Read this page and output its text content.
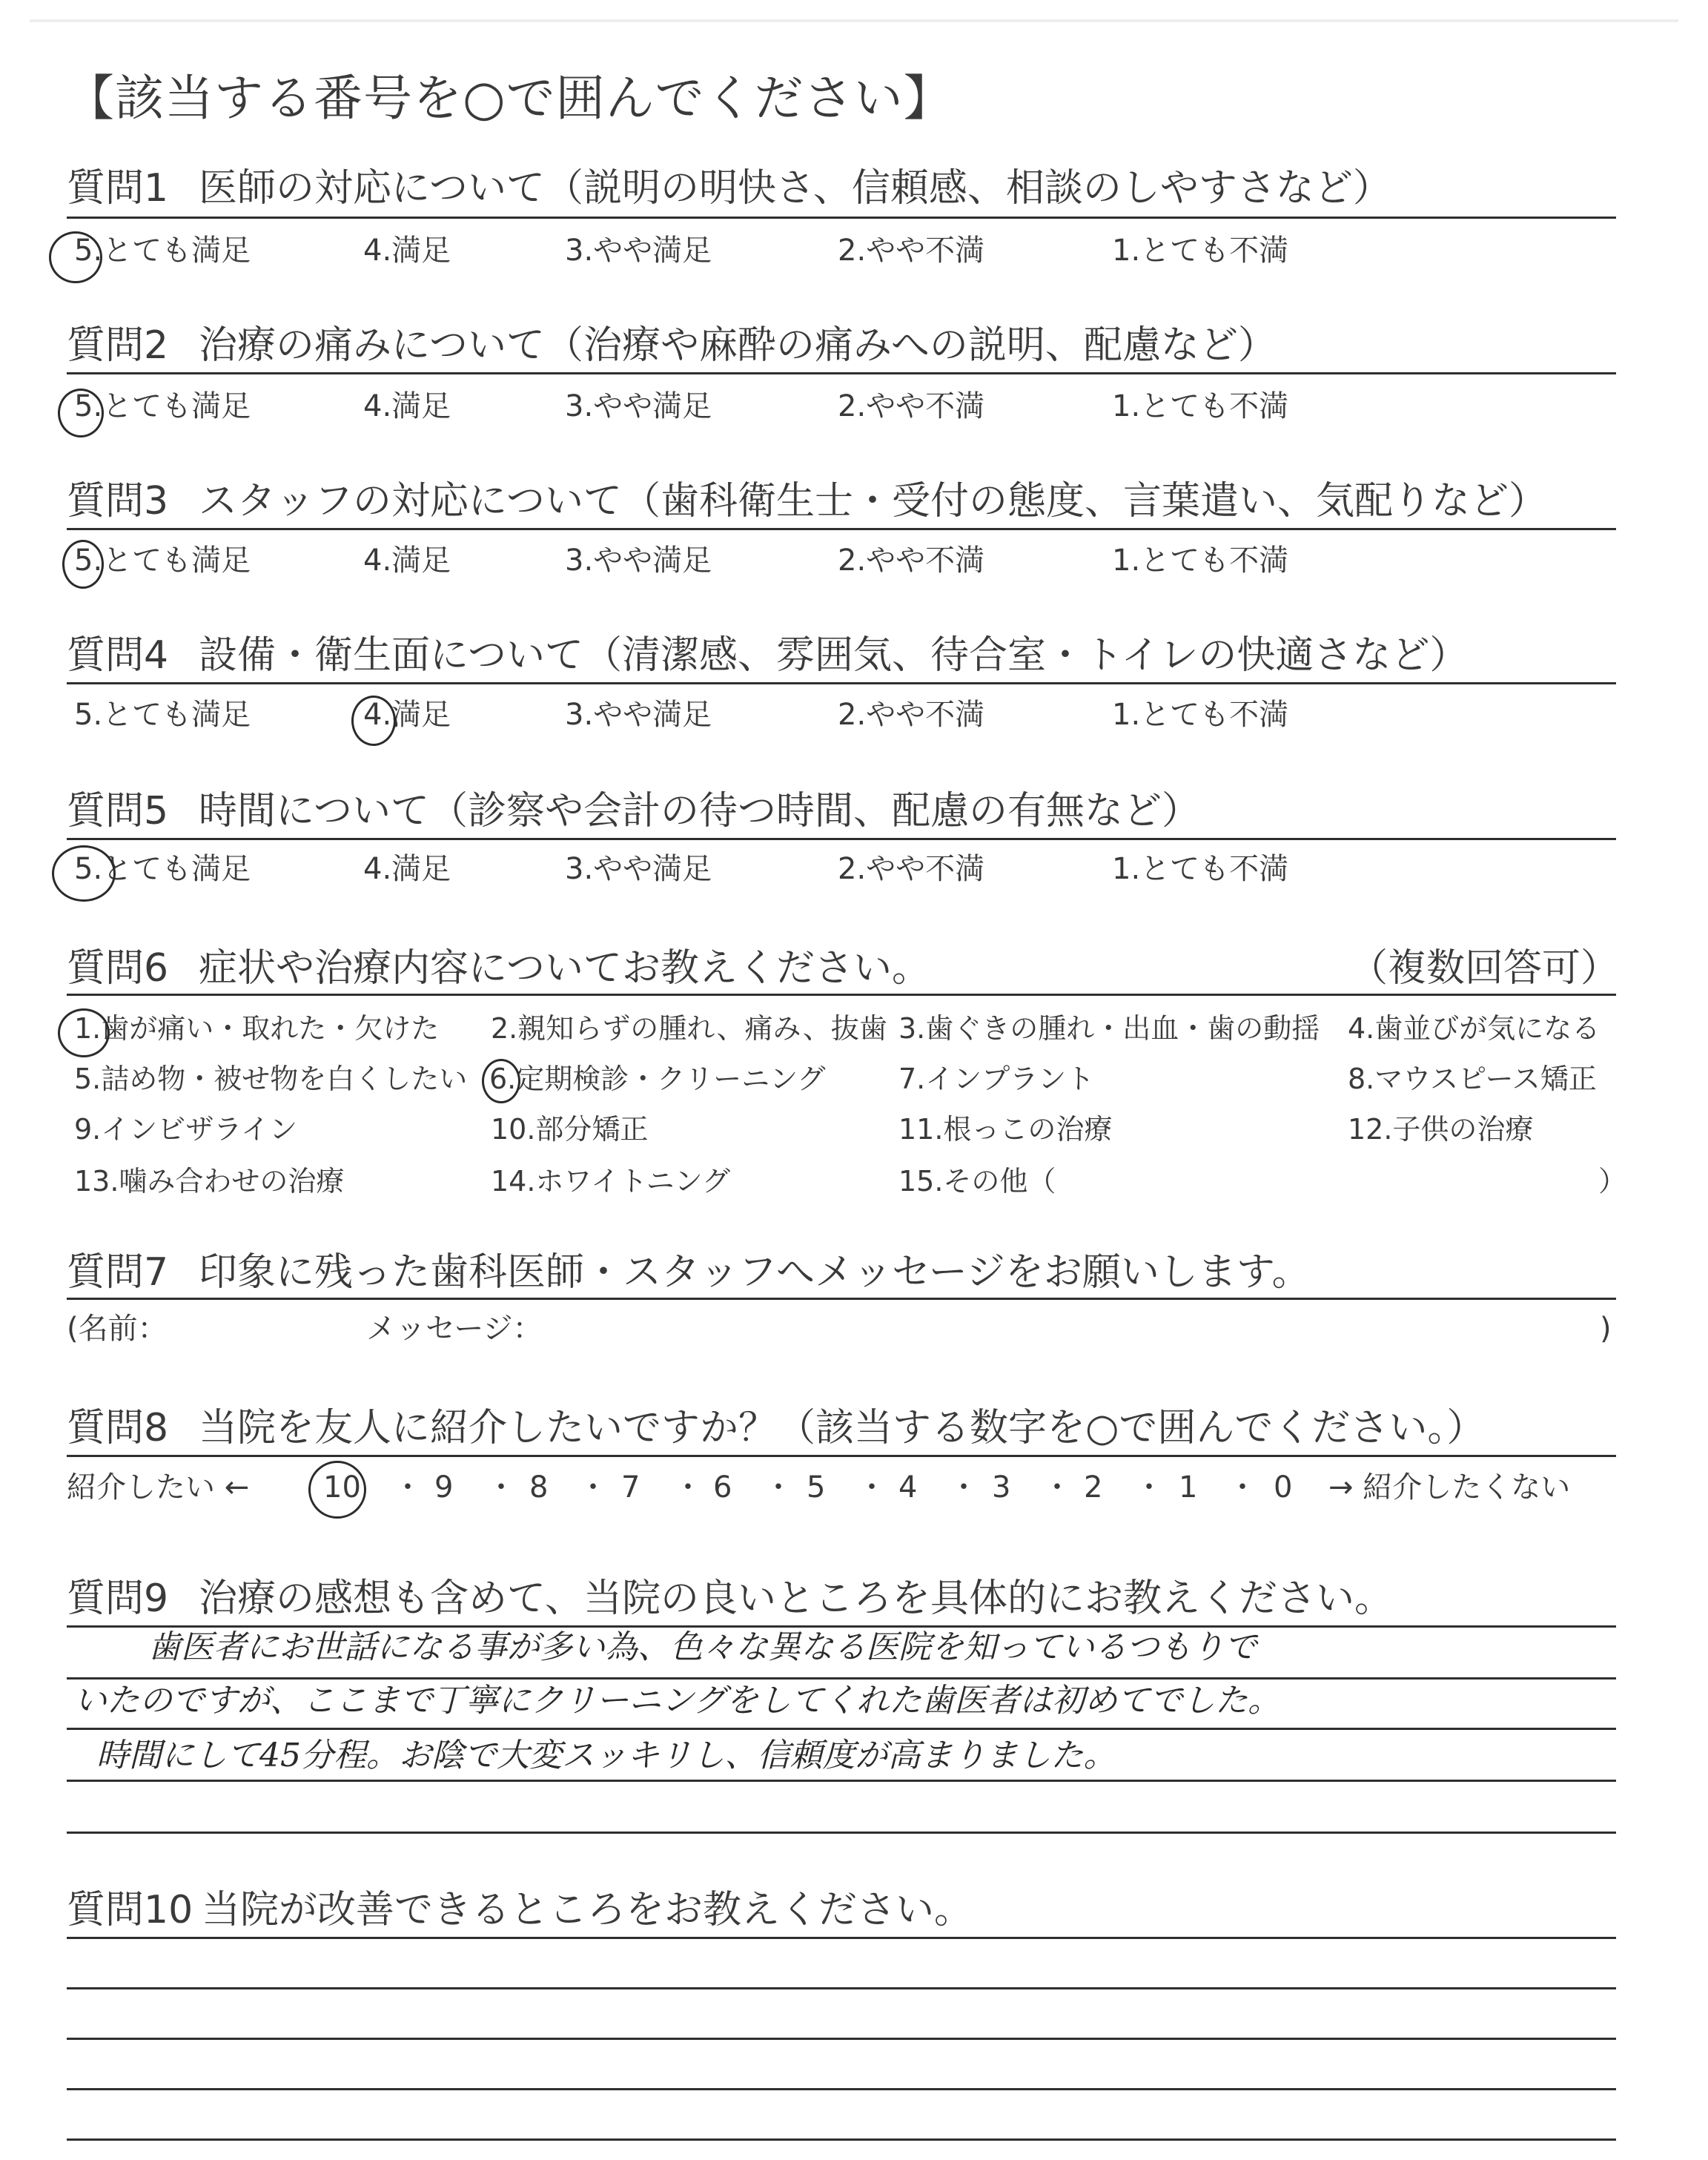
【該当する番号を○で囲んでください】
質問1 医師の対応について（説明の明快さ、信頼感、相談のしやすさなど）
5.とても満足	4.満足	3.やや満足	2.やや不満	1.とても不満
質問2 治療の痛みについて（治療や麻酔の痛みへの説明、配慮など）
5.とても満足	4.満足	3.やや満足	2.やや不満	1.とても不満
質問3 スタッフの対応について（歯科衛生士・受付の態度、言葉遣い、気配りなど）
5.とても満足	4.満足	3.やや満足	2.やや不満	1.とても不満
質問4 設備・衛生面について（清潔感、雰囲気、待合室・トイレの快適さなど）
5.とても満足	4.満足	3.やや満足	2.やや不満	1.とても不満
質問5 時間について（診察や会計の待つ時間、配慮の有無など）
5.とても満足	4.満足	3.やや満足	2.やや不満	1.とても不満
質問6 症状や治療内容についてお教えください。	（複数回答可）
1.歯が痛い・取れた・欠けた 2.親知らずの腫れ、痛み、抜歯 3.歯ぐきの腫れ・出血・歯の動揺 4.歯並びが気になる
5.詰め物・被せ物を白くしたい 6.定期検診・クリーニング	7.インプラント	8.マウスピース矯正
9.インビザライン	10.部分矯正	11.根っこの治療	12.子供の治療
13.噛み合わせの治療	14.ホワイトニング	15.その他（	）
質問7 印象に残った歯科医師・スタッフへメッセージをお願いします。
(名前：	メッセージ：	)
質問8 当院を友人に紹介したいですか？（該当する数字を○で囲んでください。）
紹介したい ←	→ 紹介したくない
10 ・ 9 ・ 8 ・ 7 ・ 6 ・ 5 ・ 4 ・ 3 ・ 2 ・ 1 ・ 0
質問9 治療の感想も含めて、当院の良いところを具体的にお教えください。
歯医者にお世話になる事が多い為、色々な異なる医院を知っているつもりで
いたのですが、ここまで丁寧にクリーニングをしてくれた歯医者は初めてでした。
時間にして45分程。お陰で大変スッキリし、信頼度が高まりました。
質問10 当院が改善できるところをお教えください。
